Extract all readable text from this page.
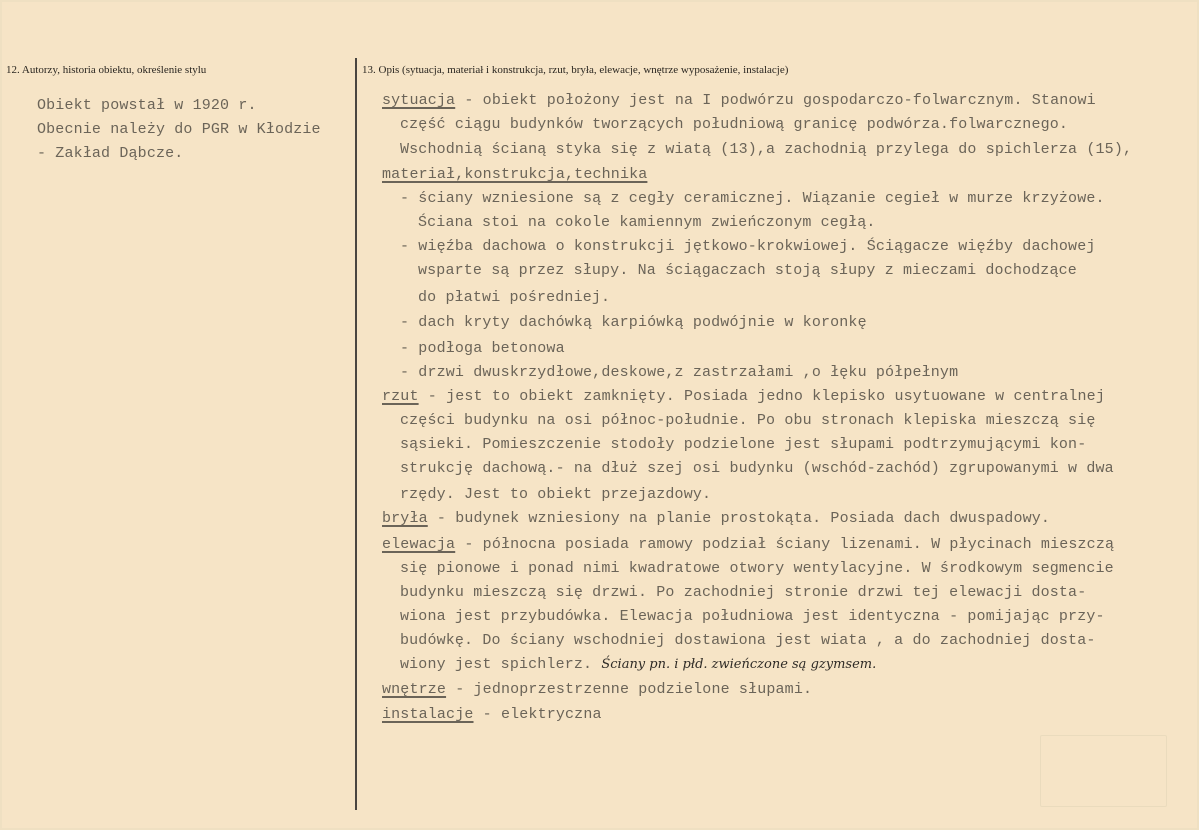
12. Autorzy, historia obiektu, określenie stylu	13. Opis (sytuacja, materiał i konstrukcja, rzut, bryła, elewacje, wnętrze wyposażenie, instalacje)
Obiekt powstał w 1920 r.
Obecnie należy do PGR w Kłodzie
- Zakład Dąbcze.
sytuacja - obiekt położony jest na I podwórzu gospodarczo-folwarcznym. Stanowi
część ciągu budynków tworzących południową granicę podwórza.folwarcznego.
Wschodnią ścianą styka się z wiatą (13),a zachodnią przylega do spichlerza (15),
materiał,konstrukcja,technika
- ściany wzniesione są z cegły ceramicznej. Wiązanie cegieł w murze krzyżowe.
Ściana stoi na cokole kamiennym zwieńczonym cegłą.
- więźba dachowa o konstrukcji jętkowo-krokwiowej. Ściągacze więźby dachowej
wsparte są przez słupy. Na ściągaczach stoją słupy z mieczami dochodzące
do płatwi pośredniej.
- dach kryty dachówką karpiówką podwójnie w koronkę
- podłoga betonowa
- drzwi dwuskrzydłowe,deskowe,z zastrzałami ,o łęku półpełnym
rzut - jest to obiekt zamknięty. Posiada jedno klepisko usytuowane w centralnej
części budynku na osi północ-południe. Po obu stronach klepiska mieszczą się
sąsieki. Pomieszczenie stodoły podzielone jest słupami podtrzymującymi kon-
strukcję dachową.- na dłuż szej osi budynku (wschód-zachód) zgrupowanymi w dwa
rzędy. Jest to obiekt przejazdowy.
bryła - budynek wzniesiony na planie prostokąta. Posiada dach dwuspadowy.
elewacja - północna posiada ramowy podział ściany lizenami. W płycinach mieszczą
się pionowe i ponad nimi kwadratowe otwory wentylacyjne. W środkowym segmencie
budynku mieszczą się drzwi. Po zachodniej stronie drzwi tej elewacji dosta-
wiona jest przybudówka. Elewacja południowa jest identyczna - pomijając przy-
budówkę. Do ściany wschodniej dostawiona jest wiata , a do zachodniej dosta-
wiony jest spichlerz. Ściany pn. i płd. zwieńczone są gzymsem.
wnętrze - jednoprzestrzenne podzielone słupami.
instalacje - elektryczna
